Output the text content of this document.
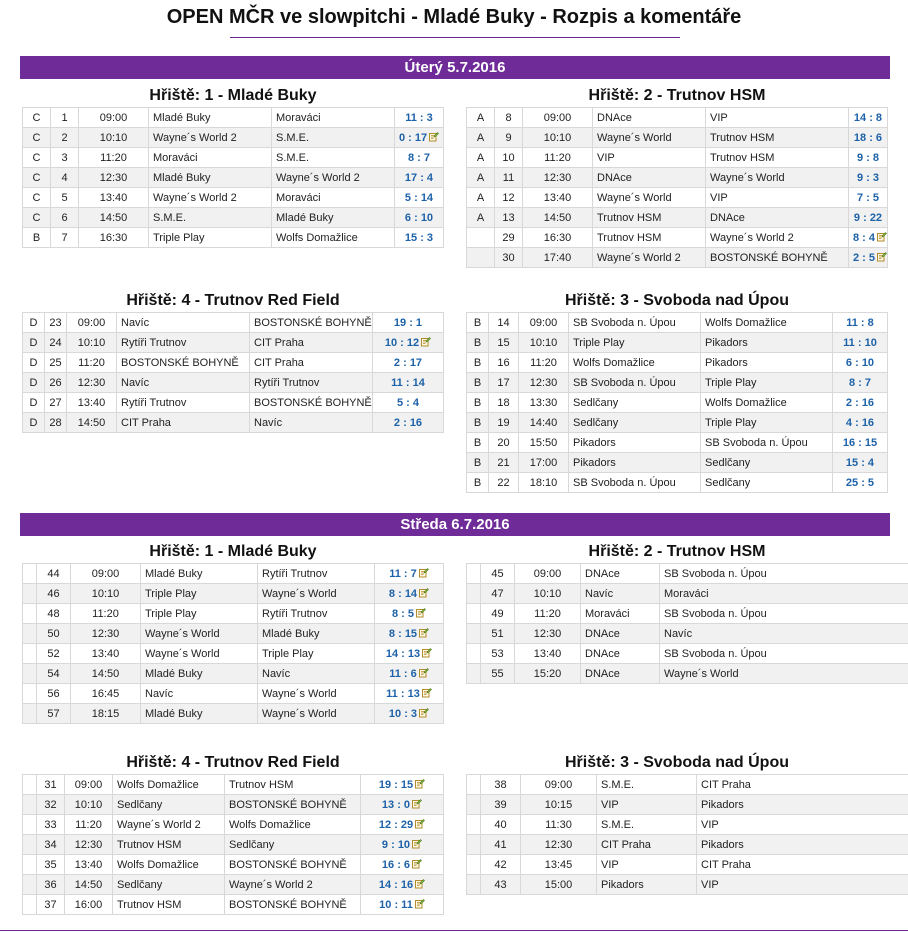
OPEN MČR ve slowpitchi - Mladé Buky - Rozpis a komentáře
Úterý 5.7.2016
Hřiště: 1 - Mladé Buky
C	1	09:00	Mladé Buky	Moraváci	11 : 3
C	2	10:10	Wayne´s World 2	S.M.E.	0 : 17
C	3	11:20	Moraváci	S.M.E.	8 : 7
C	4	12:30	Mladé Buky	Wayne´s World 2	17 : 4
C	5	13:40	Wayne´s World 2	Moraváci	5 : 14
C	6	14:50	S.M.E.	Mladé Buky	6 : 10
B	7	16:30	Triple Play	Wolfs Domažlice	15 : 3
Hřiště: 2 - Trutnov HSM
A	8	09:00	DNAce	VIP	14 : 8
A	9	10:10	Wayne´s World	Trutnov HSM	18 : 6
A	10	11:20	VIP	Trutnov HSM	9 : 8
A	11	12:30	DNAce	Wayne´s World	9 : 3
A	12	13:40	Wayne´s World	VIP	7 : 5
A	13	14:50	Trutnov HSM	DNAce	9 : 22
	29	16:30	Trutnov HSM	Wayne´s World 2	8 : 4
	30	17:40	Wayne´s World 2	BOSTONSKÉ BOHYNĚ	2 : 5
Hřiště: 4 - Trutnov Red Field
D	23	09:00	Navíc	BOSTONSKÉ BOHYNĚ	19 : 1
D	24	10:10	Rytíři Trutnov	CIT Praha	10 : 12
D	25	11:20	BOSTONSKÉ BOHYNĚ	CIT Praha	2 : 17
D	26	12:30	Navíc	Rytíři Trutnov	11 : 14
D	27	13:40	Rytíři Trutnov	BOSTONSKÉ BOHYNĚ	5 : 4
D	28	14:50	CIT Praha	Navíc	2 : 16
Hřiště: 3 - Svoboda nad Úpou
B	14	09:00	SB Svoboda n. Úpou	Wolfs Domažlice	11 : 8
B	15	10:10	Triple Play	Pikadors	11 : 10
B	16	11:20	Wolfs Domažlice	Pikadors	6 : 10
B	17	12:30	SB Svoboda n. Úpou	Triple Play	8 : 7
B	18	13:30	Sedlčany	Wolfs Domažlice	2 : 16
B	19	14:40	Sedlčany	Triple Play	4 : 16
B	20	15:50	Pikadors	SB Svoboda n. Úpou	16 : 15
B	21	17:00	Pikadors	Sedlčany	15 : 4
B	22	18:10	SB Svoboda n. Úpou	Sedlčany	25 : 5
Středa 6.7.2016
Hřiště: 1 - Mladé Buky
	44	09:00	Mladé Buky	Rytíři Trutnov	11 : 7
	46	10:10	Triple Play	Wayne´s World	8 : 14
	48	11:20	Triple Play	Rytíři Trutnov	8 : 5
	50	12:30	Wayne´s World	Mladé Buky	8 : 15
	52	13:40	Wayne´s World	Triple Play	14 : 13
	54	14:50	Mladé Buky	Navíc	11 : 6
	56	16:45	Navíc	Wayne´s World	11 : 13
	57	18:15	Mladé Buky	Wayne´s World	10 : 3
Hřiště: 2 - Trutnov HSM
	45	09:00	DNAce	SB Svoboda n. Úpou	
	47	10:10	Navíc	Moraváci	
	49	11:20	Moraváci	SB Svoboda n. Úpou	
	51	12:30	DNAce	Navíc	
	53	13:40	DNAce	SB Svoboda n. Úpou	
	55	15:20	DNAce	Wayne´s World	
Hřiště: 4 - Trutnov Red Field
	31	09:00	Wolfs Domažlice	Trutnov HSM	19 : 15
	32	10:10	Sedlčany	BOSTONSKÉ BOHYNĚ	13 : 0
	33	11:20	Wayne´s World 2	Wolfs Domažlice	12 : 29
	34	12:30	Trutnov HSM	Sedlčany	9 : 10
	35	13:40	Wolfs Domažlice	BOSTONSKÉ BOHYNĚ	16 : 6
	36	14:50	Sedlčany	Wayne´s World 2	14 : 16
	37	16:00	Trutnov HSM	BOSTONSKÉ BOHYNĚ	10 : 11
Hřiště: 3 - Svoboda nad Úpou
	38	09:00	S.M.E.	CIT Praha	
	39	10:15	VIP	Pikadors	
	40	11:30	S.M.E.	VIP	
	41	12:30	CIT Praha	Pikadors	
	42	13:45	VIP	CIT Praha	
	43	15:00	Pikadors	VIP	
